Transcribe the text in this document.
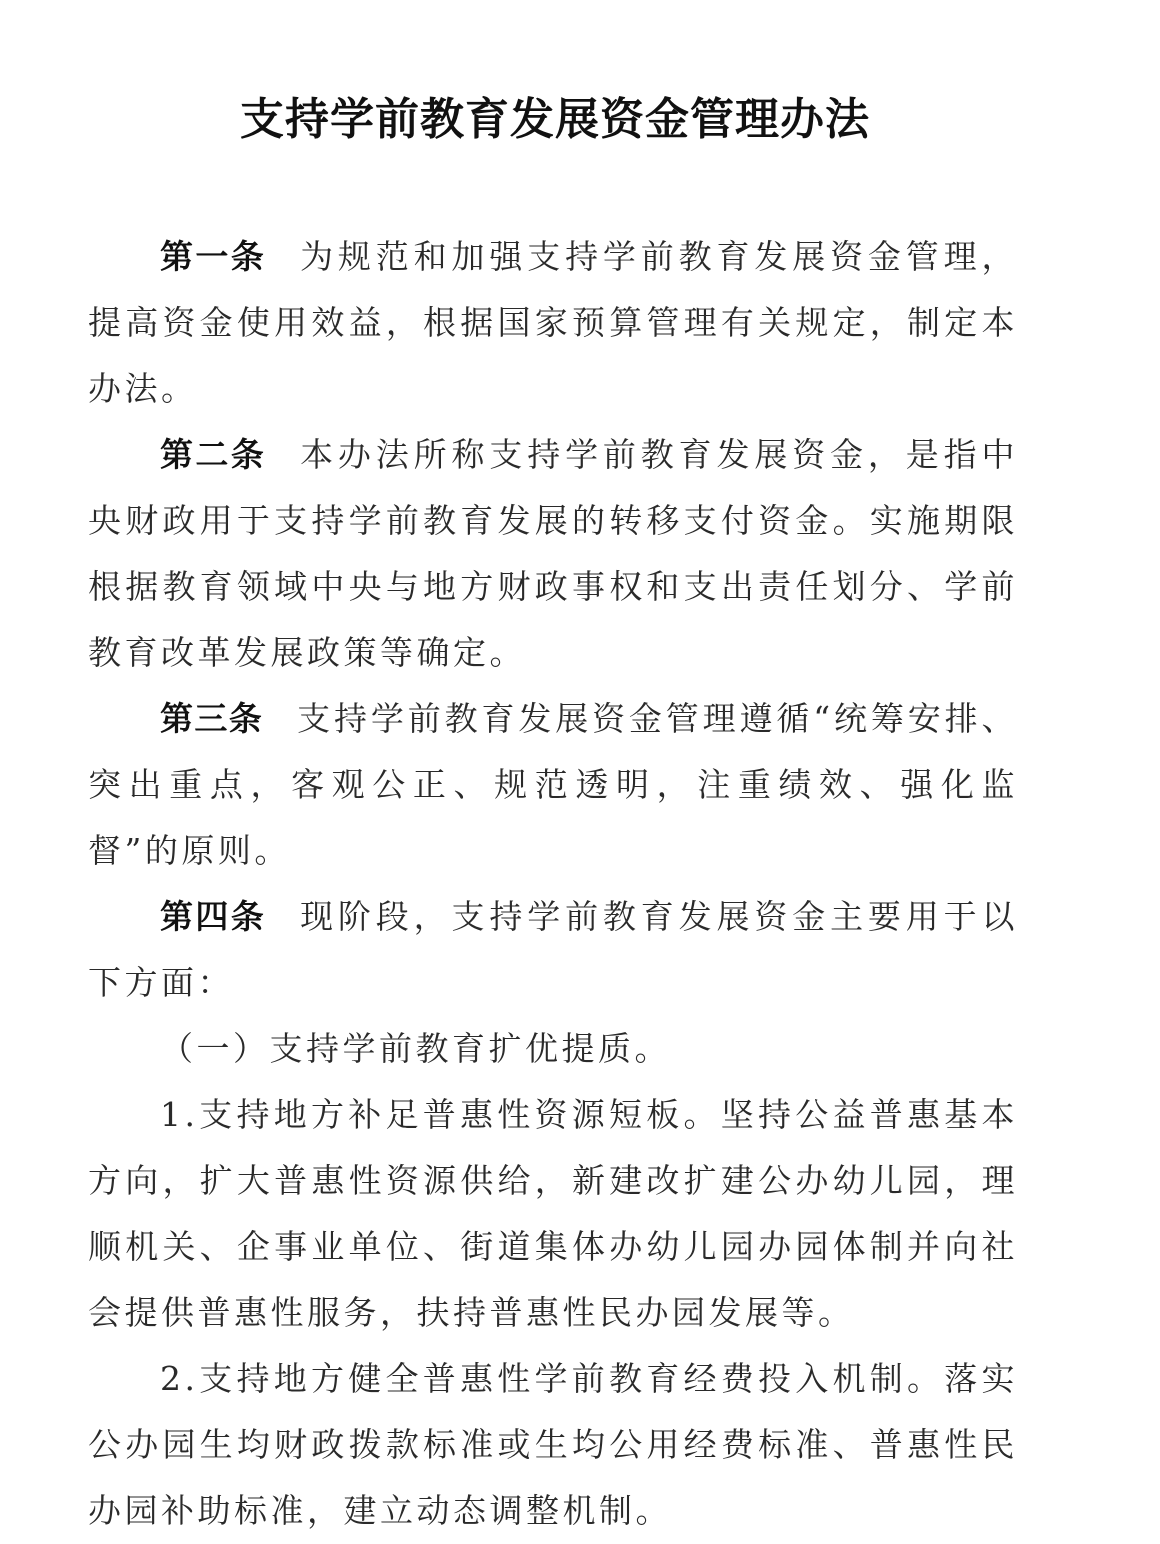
支持学前教育发展资金管理办法

第一条 为规范和加强支持学前教育发展资金管理，提高资金使用效益，根据国家预算管理有关规定，制定本办法。

第二条 本办法所称支持学前教育发展资金，是指中央财政用于支持学前教育发展的转移支付资金。实施期限根据教育领域中央与地方财政事权和支出责任划分、学前教育改革发展政策等确定。

第三条 支持学前教育发展资金管理遵循“统筹安排、突出重点，客观公正、规范透明，注重绩效、强化监督”的原则。

第四条 现阶段，支持学前教育发展资金主要用于以下方面：

（一）支持学前教育扩优提质。

1.支持地方补足普惠性资源短板。坚持公益普惠基本方向，扩大普惠性资源供给，新建改扩建公办幼儿园，理顺机关、企事业单位、街道集体办幼儿园办园体制并向社会提供普惠性服务，扶持普惠性民办园发展等。

2.支持地方健全普惠性学前教育经费投入机制。落实公办园生均财政拨款标准或生均公用经费标准、普惠性民办园补助标准，建立动态调整机制。
